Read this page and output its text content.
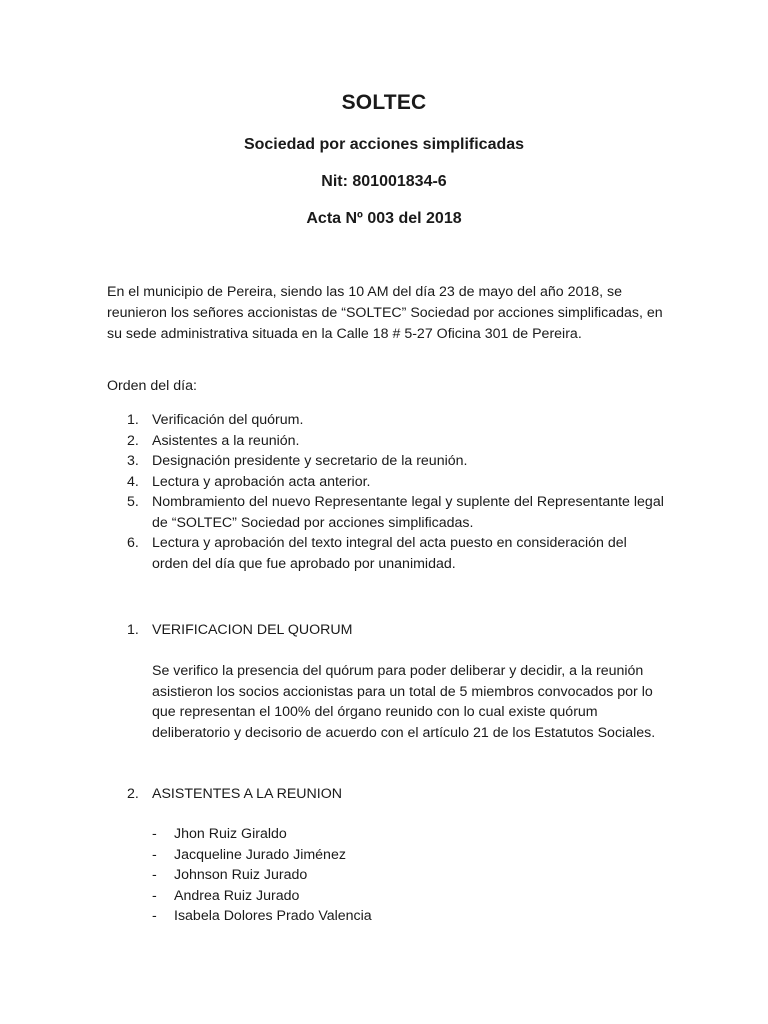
SOLTEC
Sociedad por acciones simplificadas
Nit: 801001834-6
Acta Nº 003 del 2018
En el municipio de Pereira, siendo las 10 AM del día 23 de mayo del año 2018, se reunieron los señores accionistas de “SOLTEC” Sociedad por acciones simplificadas, en su sede administrativa situada en la Calle 18 # 5-27 Oficina 301 de Pereira.
Orden del día:
1. Verificación del quórum.
2. Asistentes a la reunión.
3. Designación presidente y secretario de la reunión.
4. Lectura y aprobación acta anterior.
5. Nombramiento del nuevo Representante legal y suplente del Representante legal de “SOLTEC” Sociedad por acciones simplificadas.
6. Lectura y aprobación del texto integral del acta puesto en consideración del orden del día que fue aprobado por unanimidad.
1. VERIFICACION DEL QUORUM
Se verifico la presencia del quórum para poder deliberar y decidir, a la reunión asistieron los socios accionistas para un total de 5 miembros convocados por lo que representan el 100% del órgano reunido con lo cual existe quórum deliberatorio y decisorio de acuerdo con el artículo 21 de los Estatutos Sociales.
2. ASISTENTES A LA REUNION
- Jhon Ruiz Giraldo
- Jacqueline Jurado Jiménez
- Johnson Ruiz Jurado
- Andrea Ruiz Jurado
- Isabela Dolores Prado Valencia
